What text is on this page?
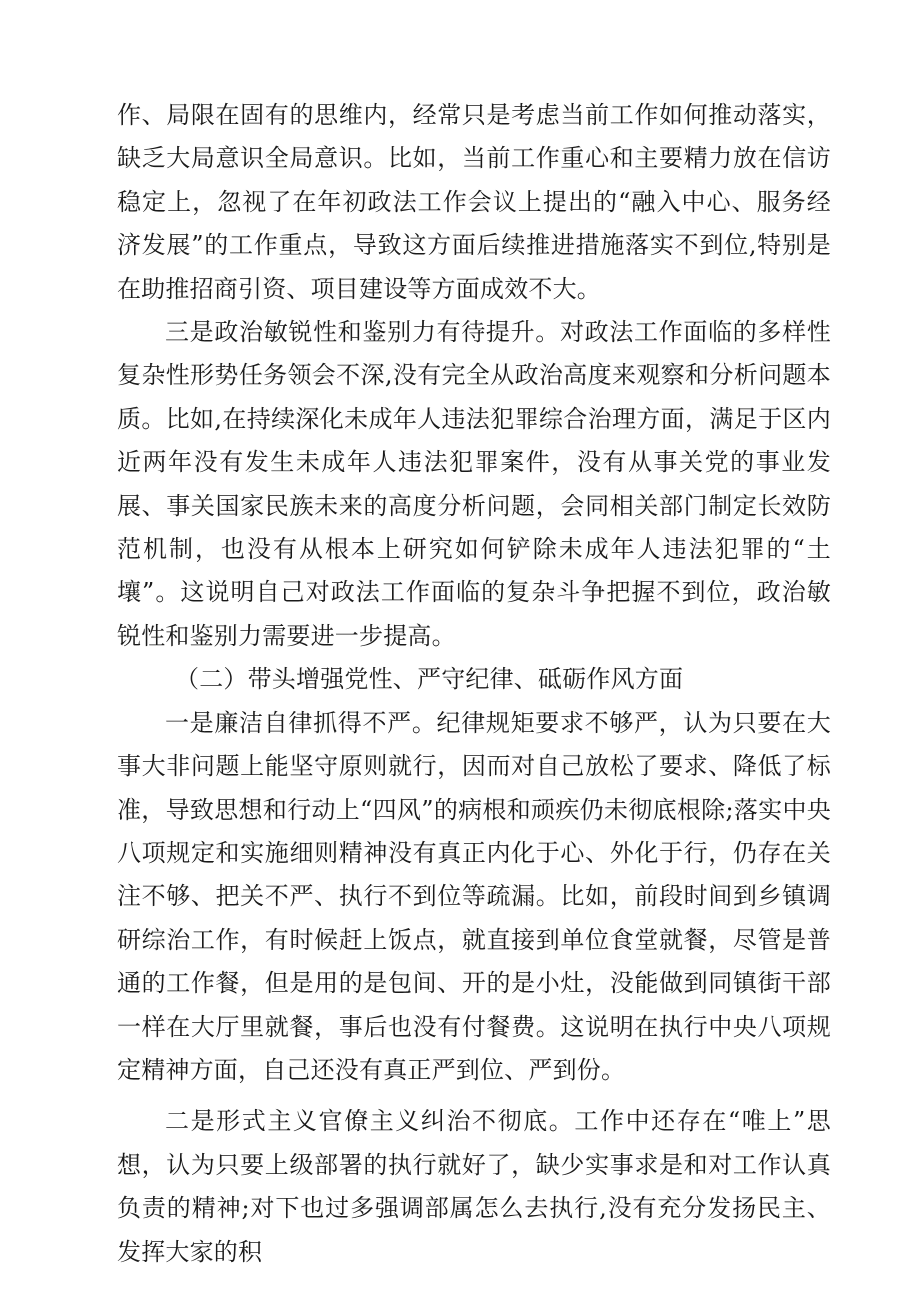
作、局限在固有的思维内，经常只是考虑当前工作如何推动落实，缺乏大局意识全局意识。比如，当前工作重心和主要精力放在信访稳定上，忽视了在年初政法工作会议上提出的“融入中心、服务经济发展”的工作重点，导致这方面后续推进措施落实不到位,特别是在助推招商引资、项目建设等方面成效不大。

三是政治敏锐性和鉴别力有待提升。对政法工作面临的多样性复杂性形势任务领会不深,没有完全从政治高度来观察和分析问题本质。比如,在持续深化未成年人违法犯罪综合治理方面，满足于区内近两年没有发生未成年人违法犯罪案件，没有从事关党的事业发展、事关国家民族未来的高度分析问题，会同相关部门制定长效防范机制，也没有从根本上研究如何铲除未成年人违法犯罪的“土壤”。这说明自己对政法工作面临的复杂斗争把握不到位，政治敏锐性和鉴别力需要进一步提高。

（二）带头增强党性、严守纪律、砥砺作风方面

一是廉洁自律抓得不严。纪律规矩要求不够严，认为只要在大事大非问题上能坚守原则就行，因而对自己放松了要求、降低了标准，导致思想和行动上“四风”的病根和顽疾仍未彻底根除;落实中央八项规定和实施细则精神没有真正内化于心、外化于行，仍存在关注不够、把关不严、执行不到位等疏漏。比如，前段时间到乡镇调研综治工作，有时候赶上饭点，就直接到单位食堂就餐，尽管是普通的工作餐，但是用的是包间、开的是小灶，没能做到同镇街干部一样在大厅里就餐，事后也没有付餐费。这说明在执行中央八项规定精神方面，自己还没有真正严到位、严到份。

二是形式主义官僚主义纠治不彻底。工作中还存在“唯上”思想，认为只要上级部署的执行就好了，缺少实事求是和对工作认真负责的精神;对下也过多强调部属怎么去执行,没有充分发扬民主、发挥大家的积
